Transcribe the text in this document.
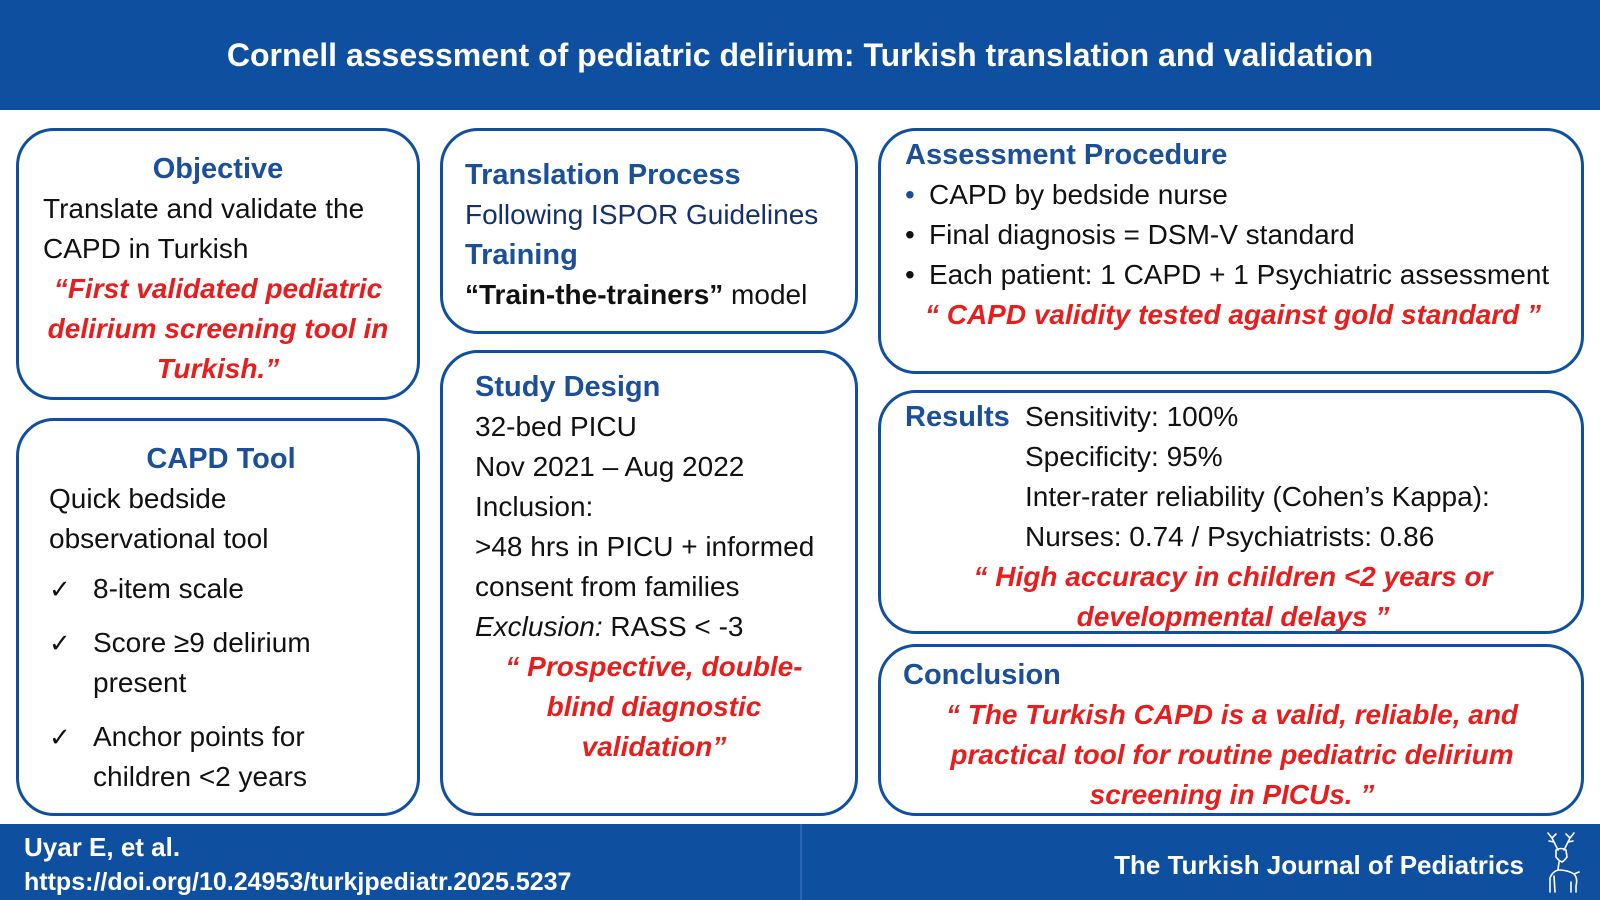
Cornell assessment of pediatric delirium: Turkish translation and validation
Objective
Translate and validate the CAPD in Turkish
“First validated pediatric delirium screening tool in Turkish.”
CAPD Tool
Quick bedside observational tool
✓ 8-item scale
✓ Score ≥9 delirium present
✓ Anchor points for children <2 years
Translation Process
Following ISPOR Guidelines
Training
“Train-the-trainers” model
Study Design
32-bed PICU
Nov 2021 – Aug 2022
Inclusion:
>48 hrs in PICU + informed consent from families
Exclusion: RASS < -3
“ Prospective, double-blind diagnostic validation”
Assessment Procedure
• CAPD by bedside nurse
• Final diagnosis = DSM-V standard
• Each patient: 1 CAPD + 1 Psychiatric assessment
“ CAPD validity tested against gold standard ”
Results Sensitivity: 100%
Specificity: 95%
Inter-rater reliability (Cohen’s Kappa):
Nurses: 0.74 / Psychiatrists: 0.86
“ High accuracy in children <2 years or developmental delays ”
Conclusion
“ The Turkish CAPD is a valid, reliable, and practical tool for routine pediatric delirium screening in PICUs. ”
Uyar E, et al.
https://doi.org/10.24953/turkjpediatr.2025.5237
The Turkish Journal of Pediatrics
